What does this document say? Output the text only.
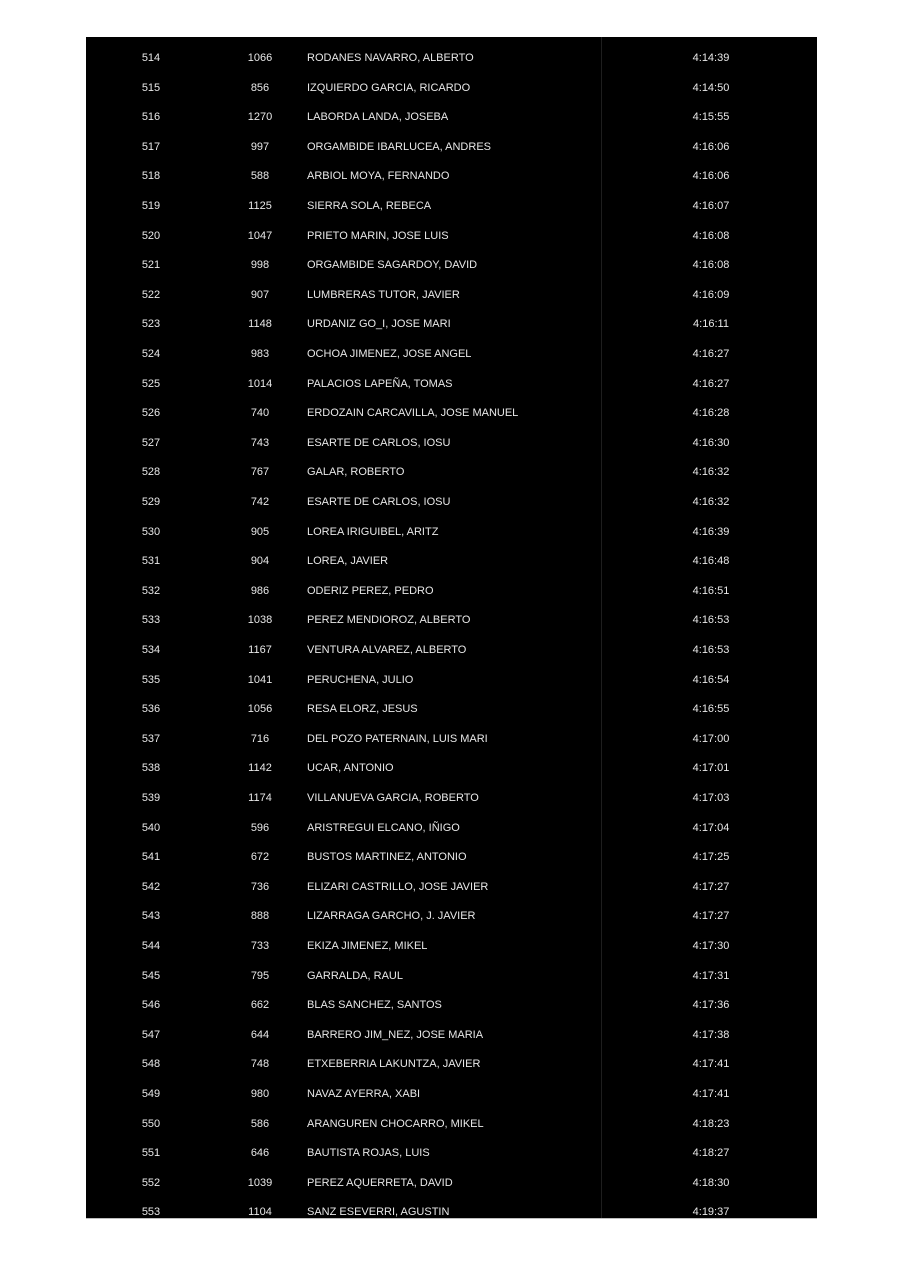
514	1066	RODANES NAVARRO, ALBERTO	4:14:39
515	856	IZQUIERDO GARCIA, RICARDO	4:14:50
516	1270	LABORDA LANDA, JOSEBA	4:15:55
517	997	ORGAMBIDE IBARLUCEA, ANDRES	4:16:06
518	588	ARBIOL MOYA, FERNANDO	4:16:06
519	1125	SIERRA SOLA, REBECA	4:16:07
520	1047	PRIETO MARIN, JOSE LUIS	4:16:08
521	998	ORGAMBIDE SAGARDOY, DAVID	4:16:08
522	907	LUMBRERAS TUTOR, JAVIER	4:16:09
523	1148	URDANIZ GO_I, JOSE MARI	4:16:11
524	983	OCHOA JIMENEZ, JOSE ANGEL	4:16:27
525	1014	PALACIOS LAPEÑA, TOMAS	4:16:27
526	740	ERDOZAIN CARCAVILLA, JOSE MANUEL	4:16:28
527	743	ESARTE DE CARLOS, IOSU	4:16:30
528	767	GALAR, ROBERTO	4:16:32
529	742	ESARTE DE CARLOS, IOSU	4:16:32
530	905	LOREA IRIGUIBEL, ARITZ	4:16:39
531	904	LOREA, JAVIER	4:16:48
532	986	ODERIZ PEREZ, PEDRO	4:16:51
533	1038	PEREZ MENDIOROZ, ALBERTO	4:16:53
534	1167	VENTURA ALVAREZ, ALBERTO	4:16:53
535	1041	PERUCHENA, JULIO	4:16:54
536	1056	RESA ELORZ, JESUS	4:16:55
537	716	DEL POZO PATERNAIN, LUIS MARI	4:17:00
538	1142	UCAR, ANTONIO	4:17:01
539	1174	VILLANUEVA GARCIA, ROBERTO	4:17:03
540	596	ARISTREGUI ELCANO, IÑIGO	4:17:04
541	672	BUSTOS MARTINEZ, ANTONIO	4:17:25
542	736	ELIZARI CASTRILLO, JOSE JAVIER	4:17:27
543	888	LIZARRAGA GARCHO, J. JAVIER	4:17:27
544	733	EKIZA JIMENEZ, MIKEL	4:17:30
545	795	GARRALDA, RAUL	4:17:31
546	662	BLAS SANCHEZ, SANTOS	4:17:36
547	644	BARRERO JIM_NEZ, JOSE MARIA	4:17:38
548	748	ETXEBERRIA LAKUNTZA, JAVIER	4:17:41
549	980	NAVAZ AYERRA, XABI	4:17:41
550	586	ARANGUREN CHOCARRO, MIKEL	4:18:23
551	646	BAUTISTA ROJAS, LUIS	4:18:27
552	1039	PEREZ AQUERRETA, DAVID	4:18:30
553	1104	SANZ ESEVERRI, AGUSTIN	4:19:37
